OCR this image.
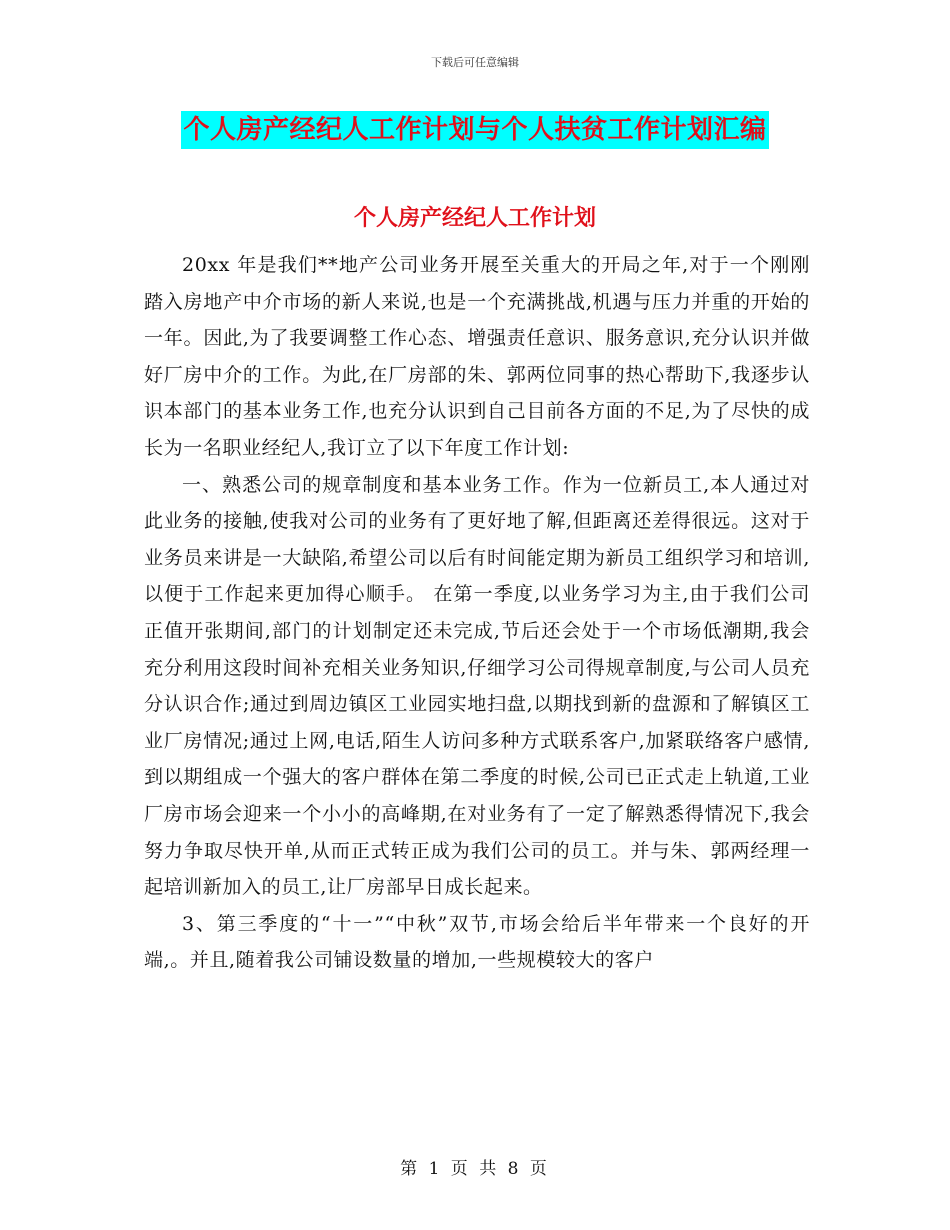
下载后可任意编辑
个人房产经纪人工作计划与个人扶贫工作计划汇编
个人房产经纪人工作计划

20xx 年是我们**地产公司业务开展至关重大的开局之年,对于一个刚刚踏入房地产中介市场的新人来说,也是一个充满挑战,机遇与压力并重的开始的一年。因此,为了我要调整工作心态、增强责任意识、服务意识,充分认识并做好厂房中介的工作。为此,在厂房部的朱、郭两位同事的热心帮助下,我逐步认识本部门的基本业务工作,也充分认识到自己目前各方面的不足,为了尽快的成长为一名职业经纪人,我订立了以下年度工作计划:

一、熟悉公司的规章制度和基本业务工作。作为一位新员工,本人通过对此业务的接触,使我对公司的业务有了更好地了解,但距离还差得很远。这对于业务员来讲是一大缺陷,希望公司以后有时间能定期为新员工组织学习和培训,以便于工作起来更加得心顺手。 在第一季度,以业务学习为主,由于我们公司正值开张期间,部门的计划制定还未完成,节后还会处于一个市场低潮期,我会充分利用这段时间补充相关业务知识,仔细学习公司得规章制度,与公司人员充分认识合作;通过到周边镇区工业园实地扫盘,以期找到新的盘源和了解镇区工业厂房情况;通过上网,电话,陌生人访问多种方式联系客户,加紧联络客户感情,到以期组成一个强大的客户群体在第二季度的时候,公司已正式走上轨道,工业厂房市场会迎来一个小小的高峰期,在对业务有了一定了解熟悉得情况下,我会努力争取尽快开单,从而正式转正成为我们公司的员工。并与朱、郭两经理一起培训新加入的员工,让厂房部早日成长起来。

3、第三季度的“十一”“中秋”双节,市场会给后半年带来一个良好的开端,。并且,随着我公司铺设数量的增加,一些规模较大的客户

第 1 页 共 8 页
